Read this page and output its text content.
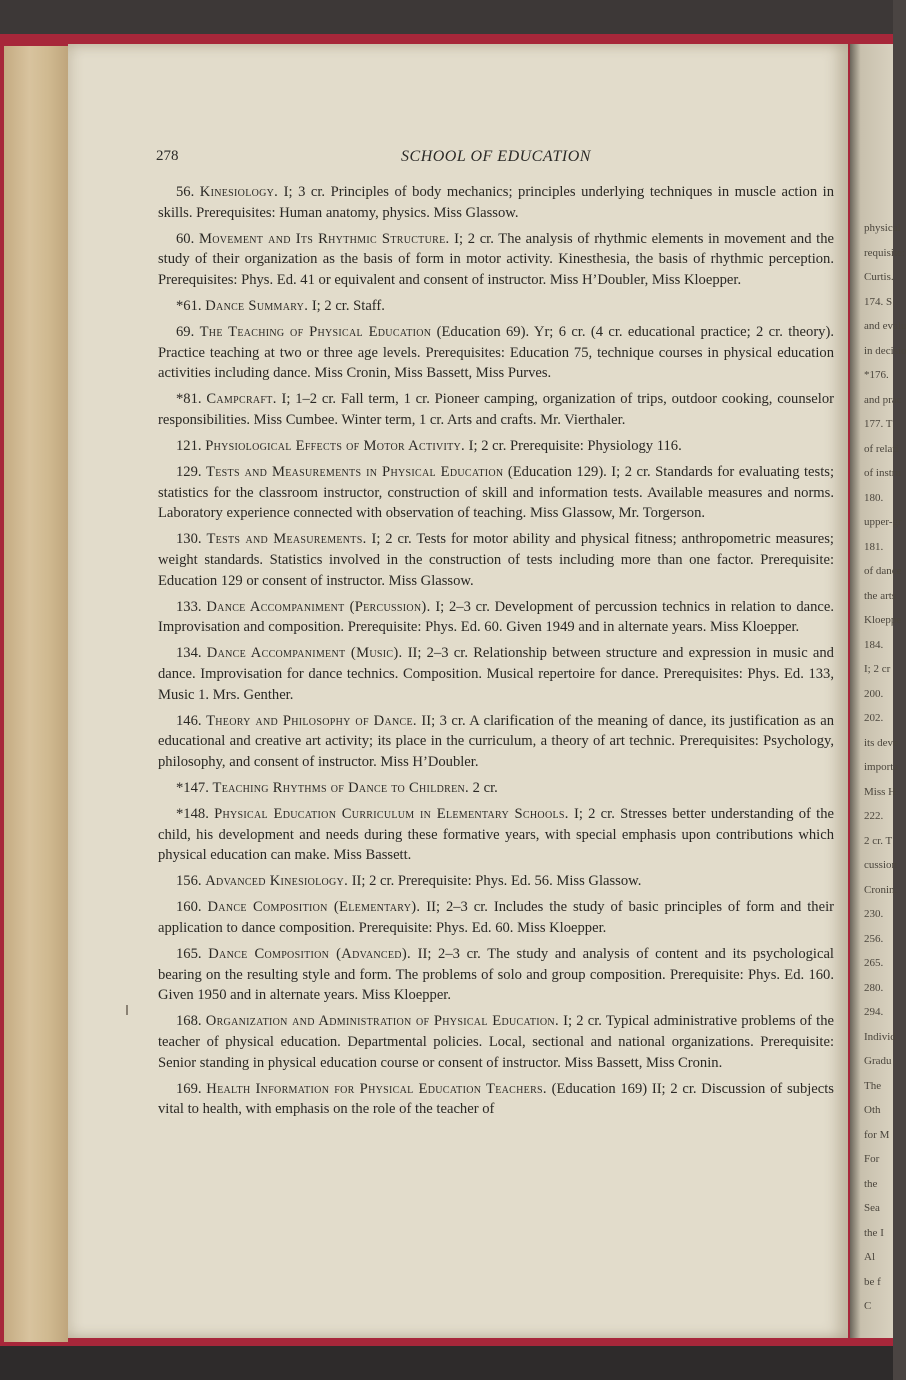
physical
requisite:
Curtis.
174. S
and evalu
in decisio
*176.
and prac
177. T
of relati
of instru
180.
upper-gr
181.
of dance
the arts
Kloeppe
184.
I; 2 cr
200.
202.
its deve
importa
Miss H
222.
2 cr. T
cussion
Cronin.
230.
256.
265.
280.
294.
Individ
Gradu
The
Oth
for M
For
the
Sea
the I
Al
be f
C
278	SCHOOL OF EDUCATION

56. Kinesiology. I; 3 cr. Principles of body mechanics; principles underlying techniques in muscle action in skills. Prerequisites: Human anatomy, physics. Miss Glassow.

60. Movement and Its Rhythmic Structure. I; 2 cr. The analysis of rhythmic elements in movement and the study of their organization as the basis of form in motor activity. Kinesthesia, the basis of rhythmic perception. Prerequisites: Phys. Ed. 41 or equivalent and consent of instructor. Miss H’Doubler, Miss Kloepper.

*61. Dance Summary. I; 2 cr. Staff.

69. The Teaching of Physical Education (Education 69). Yr; 6 cr. (4 cr. educational practice; 2 cr. theory). Practice teaching at two or three age levels. Prerequisites: Education 75, technique courses in physical education activities including dance. Miss Cronin, Miss Bassett, Miss Purves.

*81. Campcraft. I; 1–2 cr. Fall term, 1 cr. Pioneer camping, organization of trips, outdoor cooking, counselor responsibilities. Miss Cumbee. Winter term, 1 cr. Arts and crafts. Mr. Vierthaler.

121. Physiological Effects of Motor Activity. I; 2 cr. Prerequisite: Physiology 116.

129. Tests and Measurements in Physical Education (Education 129). I; 2 cr. Standards for evaluating tests; statistics for the classroom instructor, construction of skill and information tests. Available measures and norms. Laboratory experience connected with observation of teaching. Miss Glassow, Mr. Torgerson.

130. Tests and Measurements. I; 2 cr. Tests for motor ability and physical fitness; anthropometric measures; weight standards. Statistics involved in the construction of tests including more than one factor. Prerequisite: Education 129 or consent of instructor. Miss Glassow.

133. Dance Accompaniment (Percussion). I; 2–3 cr. Development of percussion technics in relation to dance. Improvisation and composition. Prerequisite: Phys. Ed. 60. Given 1949 and in alternate years. Miss Kloepper.

134. Dance Accompaniment (Music). II; 2–3 cr. Relationship between structure and expression in music and dance. Improvisation for dance technics. Composition. Musical repertoire for dance. Prerequisites: Phys. Ed. 133, Music 1. Mrs. Genther.

146. Theory and Philosophy of Dance. II; 3 cr. A clarification of the meaning of dance, its justification as an educational and creative art activity; its place in the curriculum, a theory of art technic. Prerequisites: Psychology, philosophy, and consent of instructor. Miss H’Doubler.

*147. Teaching Rhythms of Dance to Children. 2 cr.

*148. Physical Education Curriculum in Elementary Schools. I; 2 cr. Stresses better understanding of the child, his development and needs during these formative years, with special emphasis upon contributions which physical education can make. Miss Bassett.

156. Advanced Kinesiology. II; 2 cr. Prerequisite: Phys. Ed. 56. Miss Glassow.

160. Dance Composition (Elementary). II; 2–3 cr. Includes the study of basic principles of form and their application to dance composition. Prerequisite: Phys. Ed. 60. Miss Kloepper.

165. Dance Composition (Advanced). II; 2–3 cr. The study and analysis of content and its psychological bearing on the resulting style and form. The problems of solo and group composition. Prerequisite: Phys. Ed. 160. Given 1950 and in alternate years. Miss Kloepper.

168. Organization and Administration of Physical Education. I; 2 cr. Typical administrative problems of the teacher of physical education. Departmental policies. Local, sectional and national organizations. Prerequisite: Senior standing in physical education course or consent of instructor. Miss Bassett, Miss Cronin.

169. Health Information for Physical Education Teachers. (Education 169) II; 2 cr. Discussion of subjects vital to health, with emphasis on the role of the teacher of
